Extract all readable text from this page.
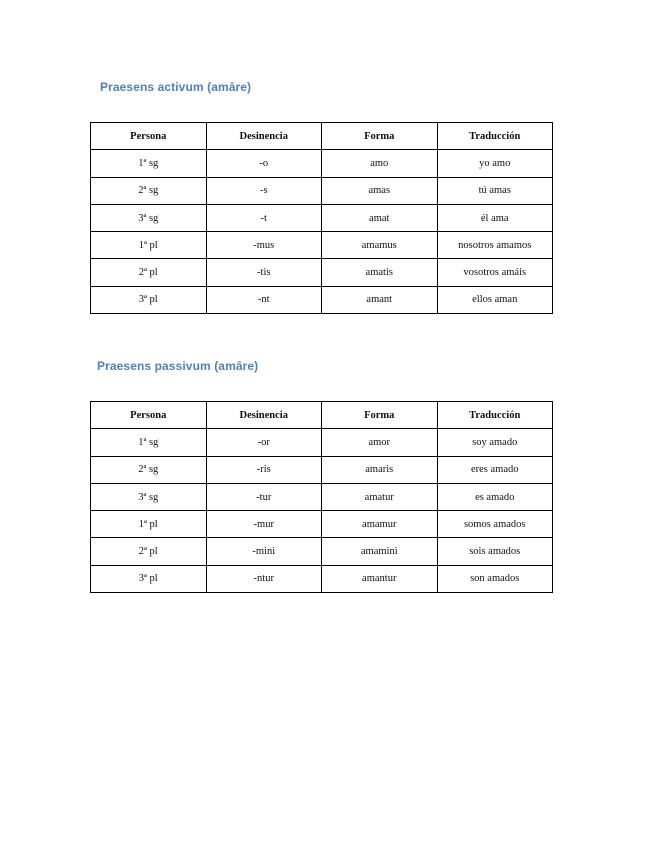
Praesens activum (amāre)
Persona	Desinencia	Forma	Traducción
1ª sg	-o	amo	yo amo
2ª sg	-s	amas	tú amas
3ª sg	-t	amat	él ama
1ª pl	-mus	amamus	nosotros amamos
2ª pl	-tis	amatis	vosotros amáis
3ª pl	-nt	amant	ellos aman
Praesens passivum (amāre)
Persona	Desinencia	Forma	Traducción
1ª sg	-or	amor	soy amado
2ª sg	-ris	amaris	eres amado
3ª sg	-tur	amatur	es amado
1ª pl	-mur	amamur	somos amados
2ª pl	-mini	amamini	sois amados
3ª pl	-ntur	amantur	son amados
